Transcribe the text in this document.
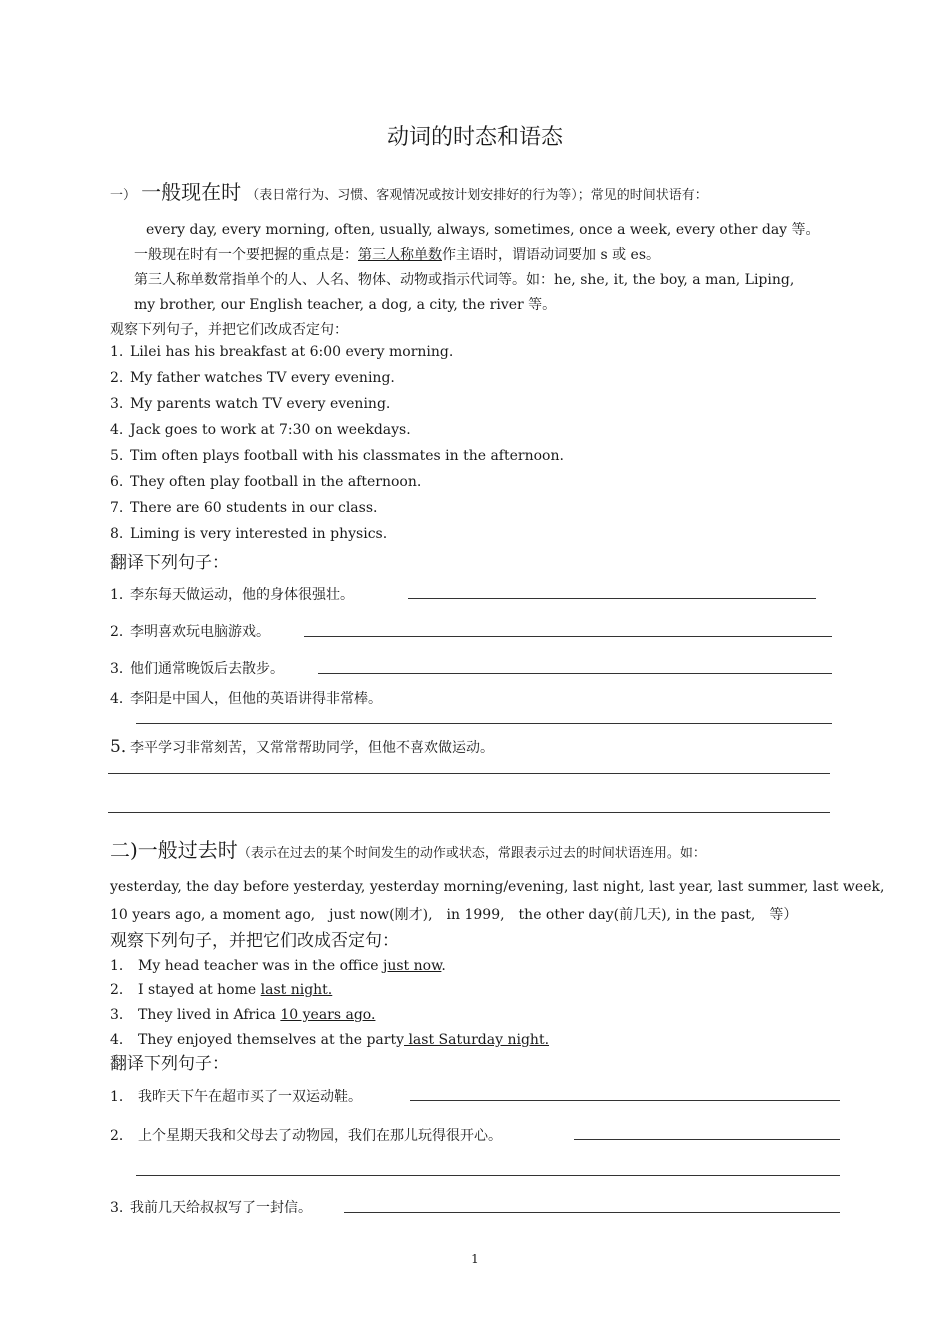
动词的时态和语态
一） 一般现在时 （表日常行为、习惯、客观情况或按计划安排好的行为等）；常见的时间状语有：
every day, every morning, often, usually, always, sometimes, once a week, every other day 等。
一般现在时有一个要把握的重点是：第三人称单数作主语时，谓语动词要加 s 或 es。
第三人称单数常指单个的人、人名、物体、动物或指示代词等。如：he, she, it, the boy, a man, Liping,
my brother, our English teacher, a dog, a city, the river 等。
观察下列句子，并把它们改成否定句：
1. Lilei has his breakfast at 6:00 every morning.
2. My father watches TV every evening.
3. My parents watch TV every evening.
4. Jack goes to work at 7:30 on weekdays.
5. Tim often plays football with his classmates in the afternoon.
6. They often play football in the afternoon.
7. There are 60 students in our class.
8. Liming is very interested in physics.
翻译下列句子：
1．李东每天做运动，他的身体很强壮。
2．李明喜欢玩电脑游戏。
3．他们通常晚饭后去散步。
4．李阳是中国人，但他的英语讲得非常棒。
5．李平学习非常刻苦，又常常帮助同学，但他不喜欢做运动。
二)一般过去时（表示在过去的某个时间发生的动作或状态，常跟表示过去的时间状语连用。如：
yesterday, the day before yesterday, yesterday morning/evening, last night, last year, last summer, last week,
10 years ago, a moment ago,　just now(刚才),　in 1999,　the other day(前几天), in the past,　等）
观察下列句子，并把它们改成否定句：
1． My head teacher was in the office just now.
2． I stayed at home last night.
3． They lived in Africa 10 years ago.
4． They enjoyed themselves at the party last Saturday night.
翻译下列句子：
1． 我昨天下午在超市买了一双运动鞋。
2． 上个星期天我和父母去了动物园，我们在那儿玩得很开心。
3. 我前几天给叔叔写了一封信。
1
